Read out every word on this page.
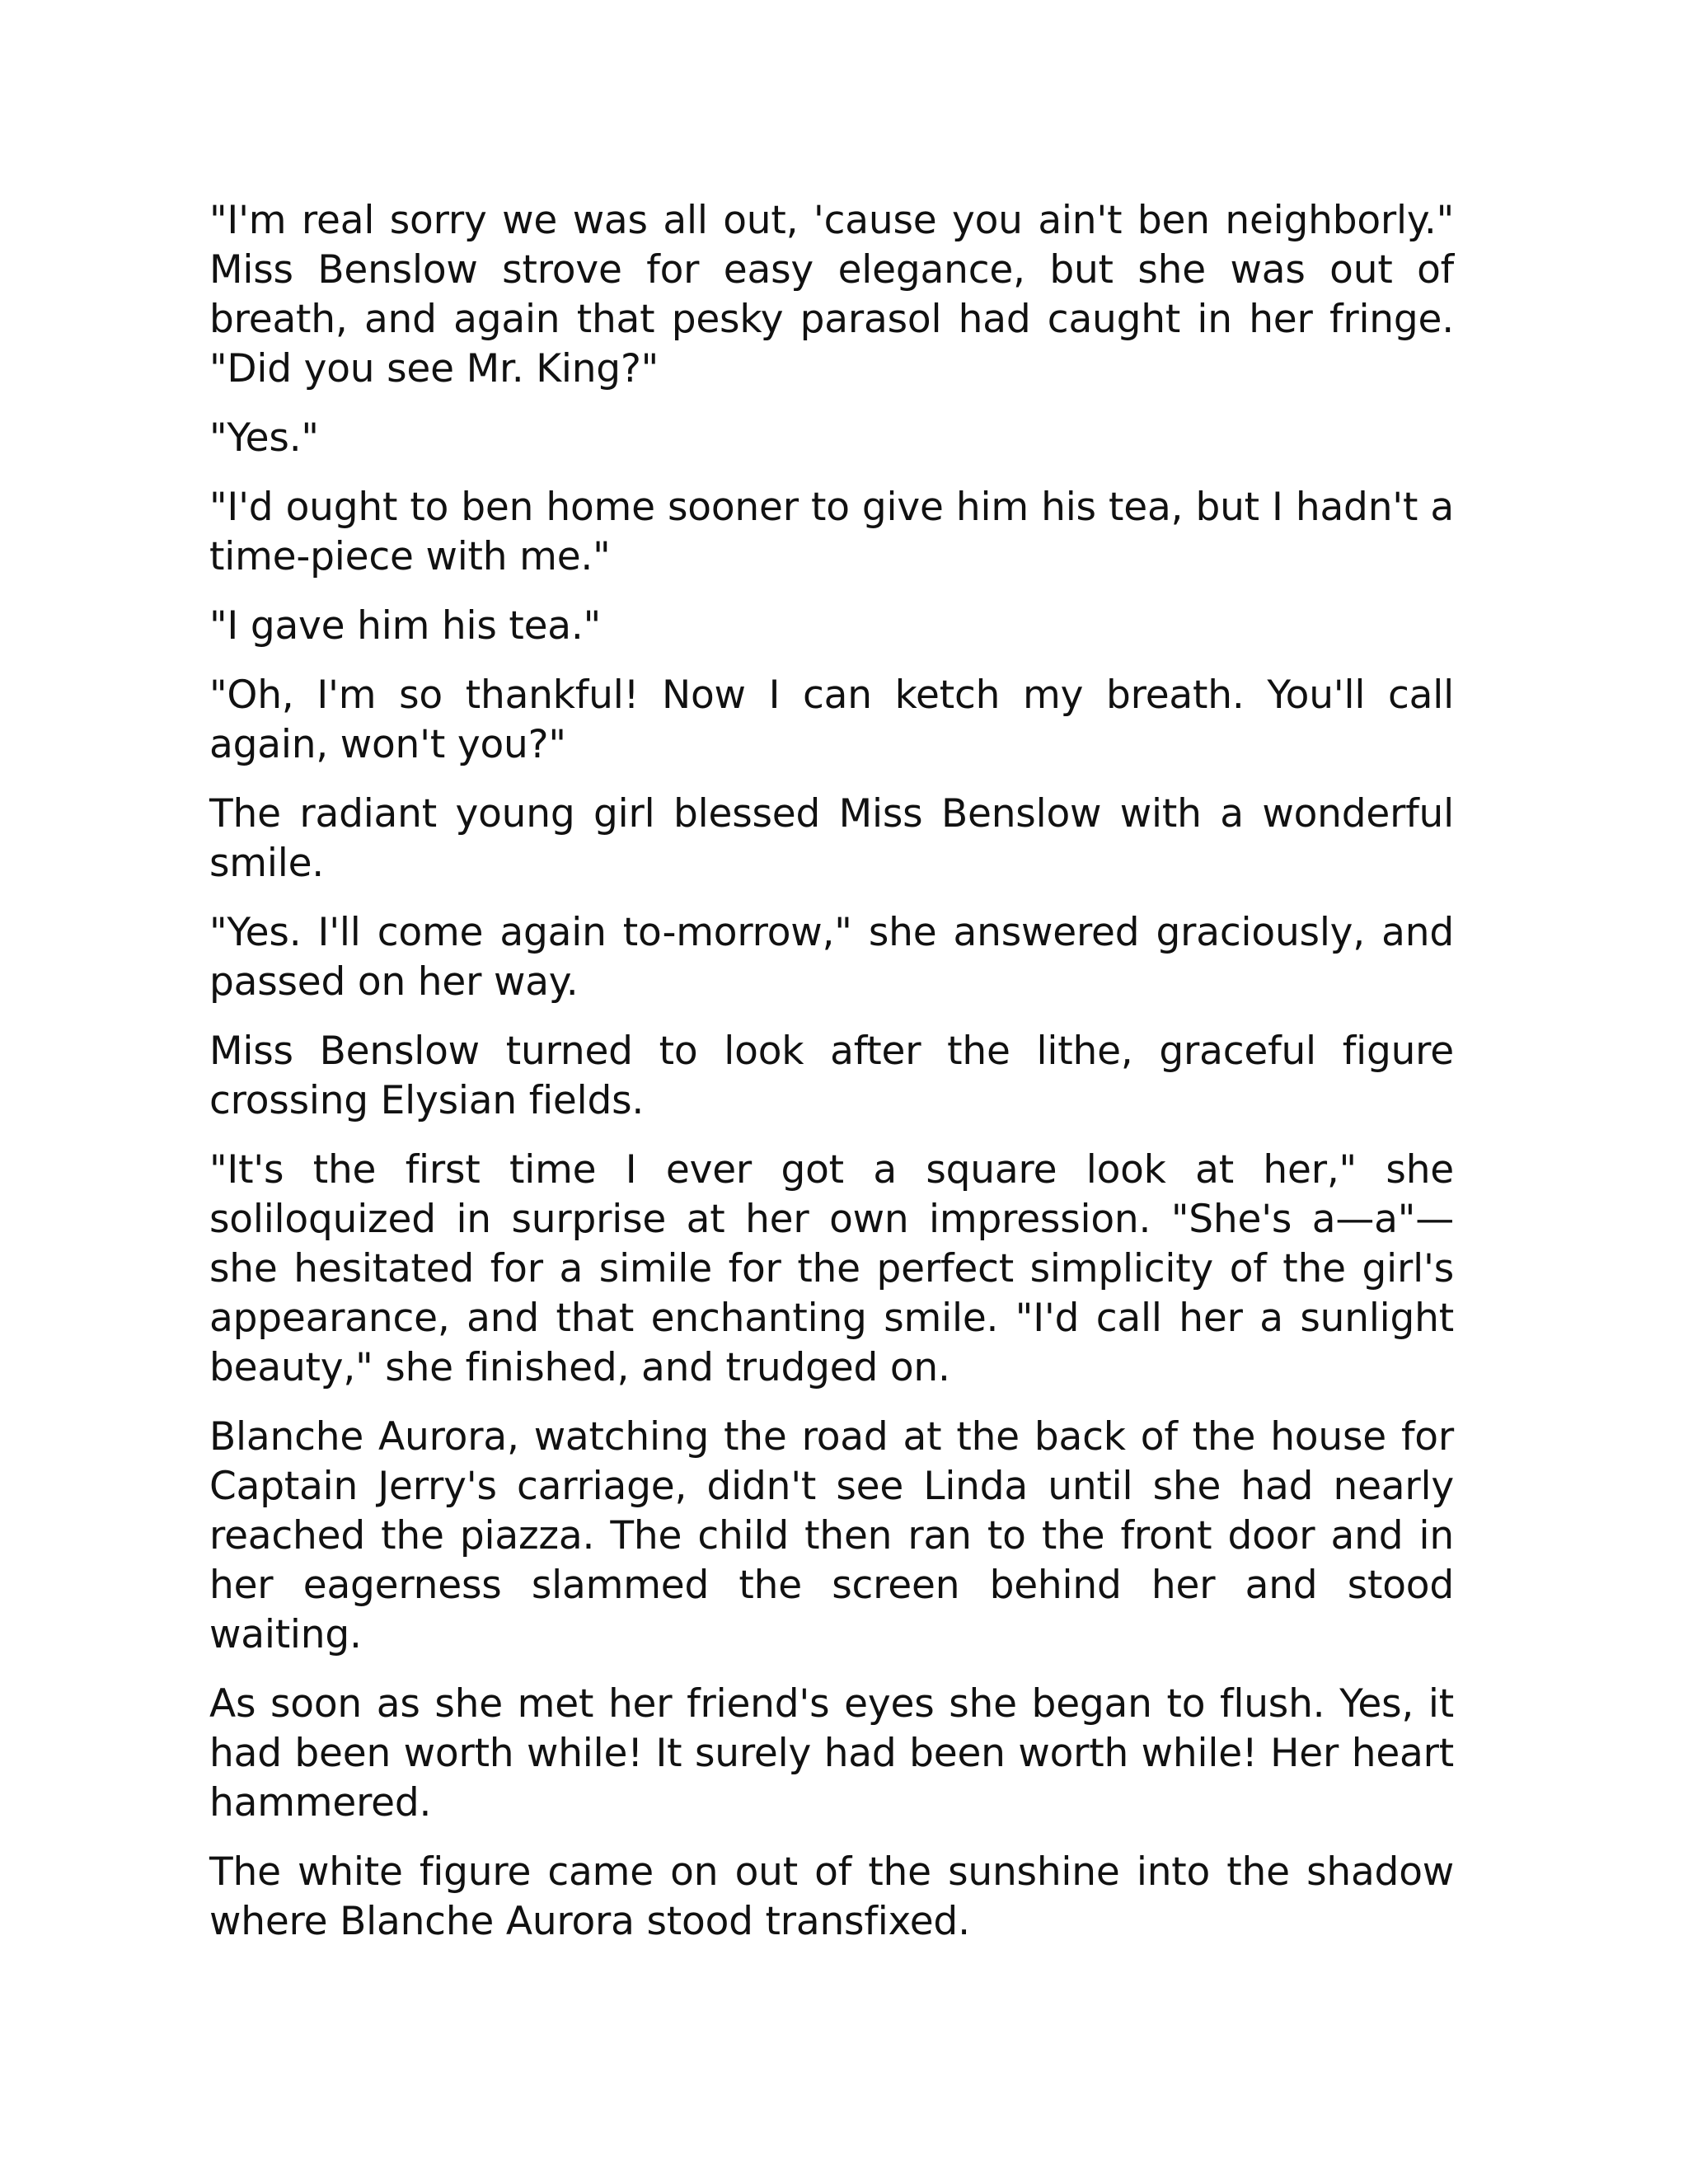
"I'm real sorry we was all out, 'cause you ain't ben neighborly." Miss Benslow strove for easy elegance, but she was out of breath, and again that pesky parasol had caught in her fringe. "Did you see Mr. King?"

"Yes."

"I'd ought to ben home sooner to give him his tea, but I hadn't a time-piece with me."

"I gave him his tea."

"Oh, I'm so thankful! Now I can ketch my breath. You'll call again, won't you?"

The radiant young girl blessed Miss Benslow with a wonderful smile.

"Yes. I'll come again to-morrow," she answered graciously, and passed on her way.

Miss Benslow turned to look after the lithe, graceful figure crossing Elysian fields.

"It's the first time I ever got a square look at her," she soliloquized in surprise at her own impression. "She's a—a"—she hesitated for a simile for the perfect simplicity of the girl's appearance, and that enchanting smile. "I'd call her a sunlight beauty," she finished, and trudged on.

Blanche Aurora, watching the road at the back of the house for Captain Jerry's carriage, didn't see Linda until she had nearly reached the piazza. The child then ran to the front door and in her eagerness slammed the screen behind her and stood waiting.

As soon as she met her friend's eyes she began to flush. Yes, it had been worth while! It surely had been worth while! Her heart hammered.

The white figure came on out of the sunshine into the shadow where Blanche Aurora stood transfixed.
